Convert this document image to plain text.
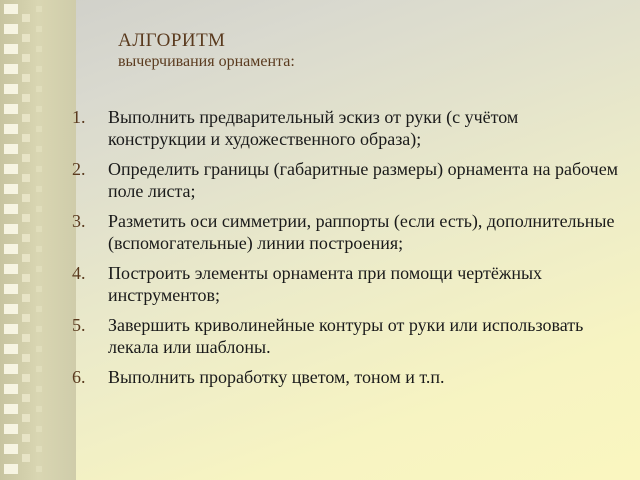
АЛГОРИТМ
вычерчивания орнамента:
1.	Выполнить предварительный эскиз от руки (с учётом конструкции и художественного образа);
2.	Определить границы (габаритные размеры) орнамента на рабочем поле листа;
3.	Разметить оси симметрии, раппорты (если есть), дополнительные (вспомогательные) линии построения;
4.	Построить элементы орнамента при помощи чертёжных инструментов;
5.	Завершить криволинейные контуры от руки или использовать лекала или шаблоны.
6.	Выполнить проработку цветом, тоном и т.п.
